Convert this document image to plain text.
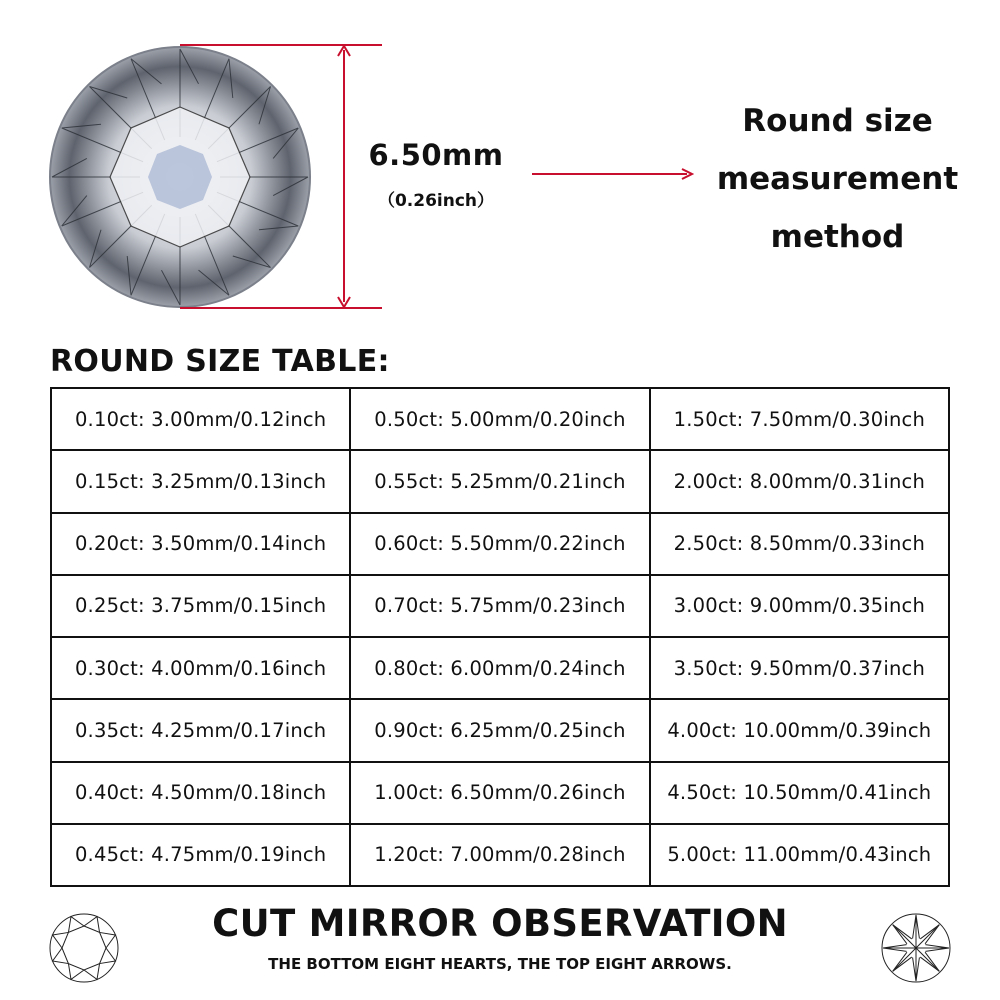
6.50mm
（0.26inch）
Round size
measurement
method
ROUND SIZE TABLE:
0.10ct: 3.00mm/0.12inch	0.50ct: 5.00mm/0.20inch	1.50ct: 7.50mm/0.30inch
0.15ct: 3.25mm/0.13inch	0.55ct: 5.25mm/0.21inch	2.00ct: 8.00mm/0.31inch
0.20ct: 3.50mm/0.14inch	0.60ct: 5.50mm/0.22inch	2.50ct: 8.50mm/0.33inch
0.25ct: 3.75mm/0.15inch	0.70ct: 5.75mm/0.23inch	3.00ct: 9.00mm/0.35inch
0.30ct: 4.00mm/0.16inch	0.80ct: 6.00mm/0.24inch	3.50ct: 9.50mm/0.37inch
0.35ct: 4.25mm/0.17inch	0.90ct: 6.25mm/0.25inch	4.00ct: 10.00mm/0.39inch
0.40ct: 4.50mm/0.18inch	1.00ct: 6.50mm/0.26inch	4.50ct: 10.50mm/0.41inch
0.45ct: 4.75mm/0.19inch	1.20ct: 7.00mm/0.28inch	5.00ct: 11.00mm/0.43inch
CUT MIRROR OBSERVATION
THE BOTTOM EIGHT HEARTS, THE TOP EIGHT ARROWS.
